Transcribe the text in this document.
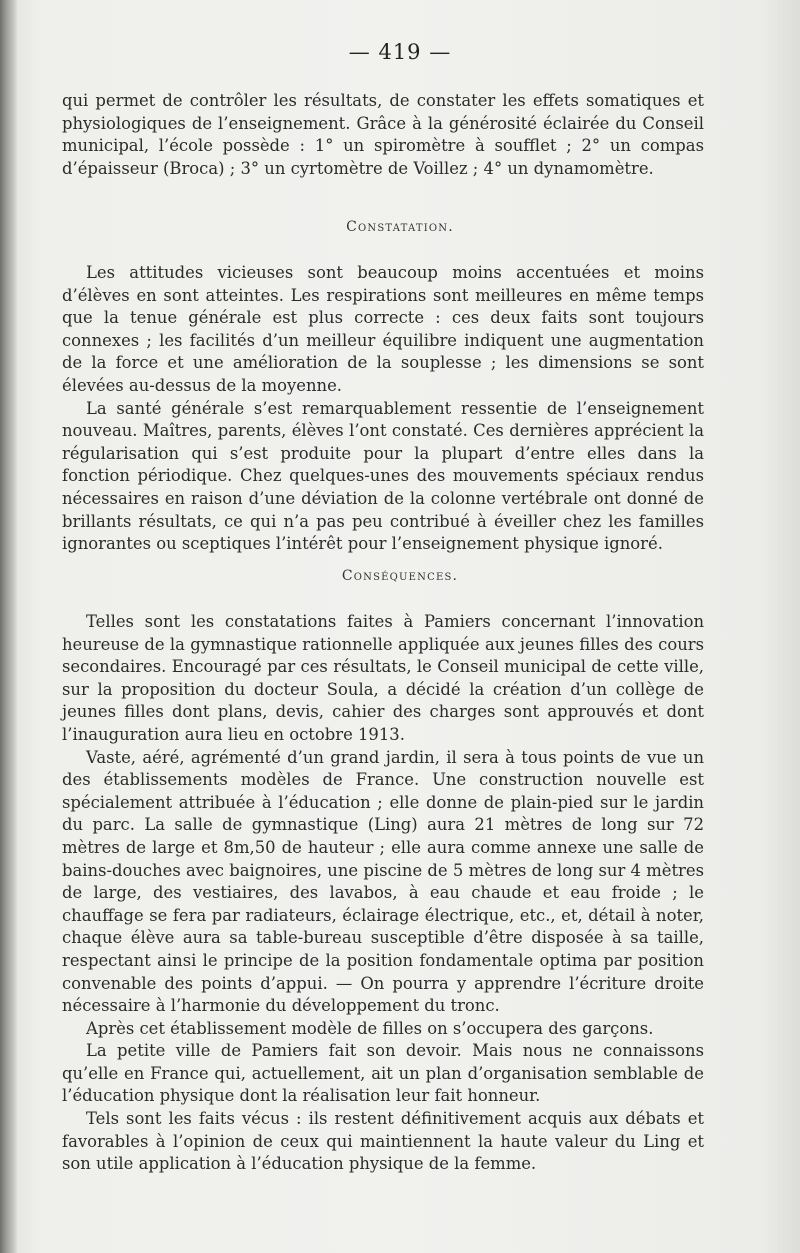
— 419 —

qui permet de contrôler les résultats, de constater les effets somatiques et physiologiques de l’enseignement. Grâce à la générosité éclairée du Conseil municipal, l’école possède : 1° un spiromètre à soufflet ; 2° un compas d’épaisseur (Broca) ; 3° un cyrtomètre de Voillez ; 4° un dynamomètre.

Constatation.

Les attitudes vicieuses sont beaucoup moins accentuées et moins d’élèves en sont atteintes. Les respirations sont meilleures en même temps que la tenue générale est plus correcte : ces deux faits sont toujours connexes ; les facilités d’un meilleur équilibre indiquent une augmentation de la force et une amélioration de la souplesse ; les dimensions se sont élevées au-dessus de la moyenne.

La santé générale s’est remarquablement ressentie de l’enseignement nouveau. Maîtres, parents, élèves l’ont constaté. Ces dernières apprécient la régularisation qui s’est produite pour la plupart d’entre elles dans la fonction périodique. Chez quelques-unes des mouvements spéciaux rendus nécessaires en raison d’une déviation de la colonne vertébrale ont donné de brillants résultats, ce qui n’a pas peu contribué à éveiller chez les familles ignorantes ou sceptiques l’intérêt pour l’enseignement physique ignoré.

Conséquences.

Telles sont les constatations faites à Pamiers concernant l’innovation heureuse de la gymnastique rationnelle appliquée aux jeunes filles des cours secondaires. Encouragé par ces résultats, le Conseil municipal de cette ville, sur la proposition du docteur Soula, a décidé la création d’un collège de jeunes filles dont plans, devis, cahier des charges sont approuvés et dont l’inauguration aura lieu en octobre 1913.

Vaste, aéré, agrémenté d’un grand jardin, il sera à tous points de vue un des établissements modèles de France. Une construction nouvelle est spécialement attribuée à l’éducation ; elle donne de plain-pied sur le jardin du parc. La salle de gymnastique (Ling) aura 21 mètres de long sur 72 mètres de large et 8m,50 de hauteur ; elle aura comme annexe une salle de bains-douches avec baignoires, une piscine de 5 mètres de long sur 4 mètres de large, des vestiaires, des lavabos, à eau chaude et eau froide ; le chauffage se fera par radiateurs, éclairage électrique, etc., et, détail à noter, chaque élève aura sa table-bureau susceptible d’être disposée à sa taille, respectant ainsi le principe de la position fondamentale optima par position convenable des points d’appui. — On pourra y apprendre l’écriture droite nécessaire à l’harmonie du développement du tronc.

Après cet établissement modèle de filles on s’occupera des garçons.

La petite ville de Pamiers fait son devoir. Mais nous ne connaissons qu’elle en France qui, actuellement, ait un plan d’organisation semblable de l’éducation physique dont la réalisation leur fait honneur.

Tels sont les faits vécus : ils restent définitivement acquis aux débats et favorables à l’opinion de ceux qui maintiennent la haute valeur du Ling et son utile application à l’éducation physique de la femme.
